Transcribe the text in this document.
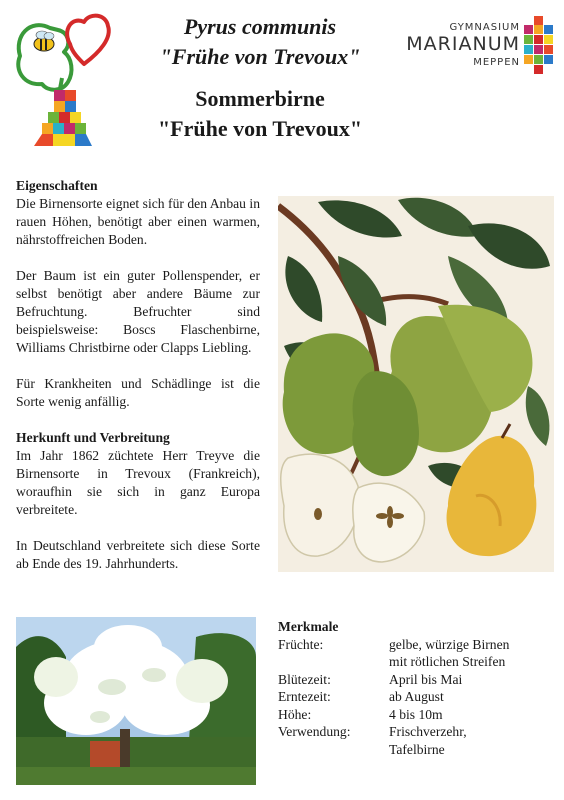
GYMNASIUM
MARIANUM
MEPPEN
Pyrus communis
"Frühe von Trevoux"
Sommerbirne
"Frühe von Trevoux"
Eigenschaften

Die Birnensorte eignet sich für den Anbau in rauen Höhen, benötigt aber einen warmen, nährstoffreichen Boden.

Der Baum ist ein guter Pollenspender, er selbst benötigt aber andere Bäume zur Befruchtung. Befruchter sind beispielsweise: Boscs Flaschenbirne, Williams Christbirne oder Clapps Liebling.

Für Krankheiten und Schädlinge ist die Sorte wenig anfällig.

Herkunft und Verbreitung

Im Jahr 1862 züchtete Herr Treyve die Birnensorte in Trevoux (Frankreich), woraufhin sie sich in ganz Europa verbreitete.

In Deutschland verbreitete sich diese Sorte ab Ende des 19. Jahrhunderts.

Merkmale
Früchte:	gelbe, würzige Birnen
mit rötlichen Streifen
Blütezeit:	April bis Mai
Erntezeit:	ab August
Höhe:	4 bis 10m
Verwendung:	Frischverzehr,
Tafelbirne
